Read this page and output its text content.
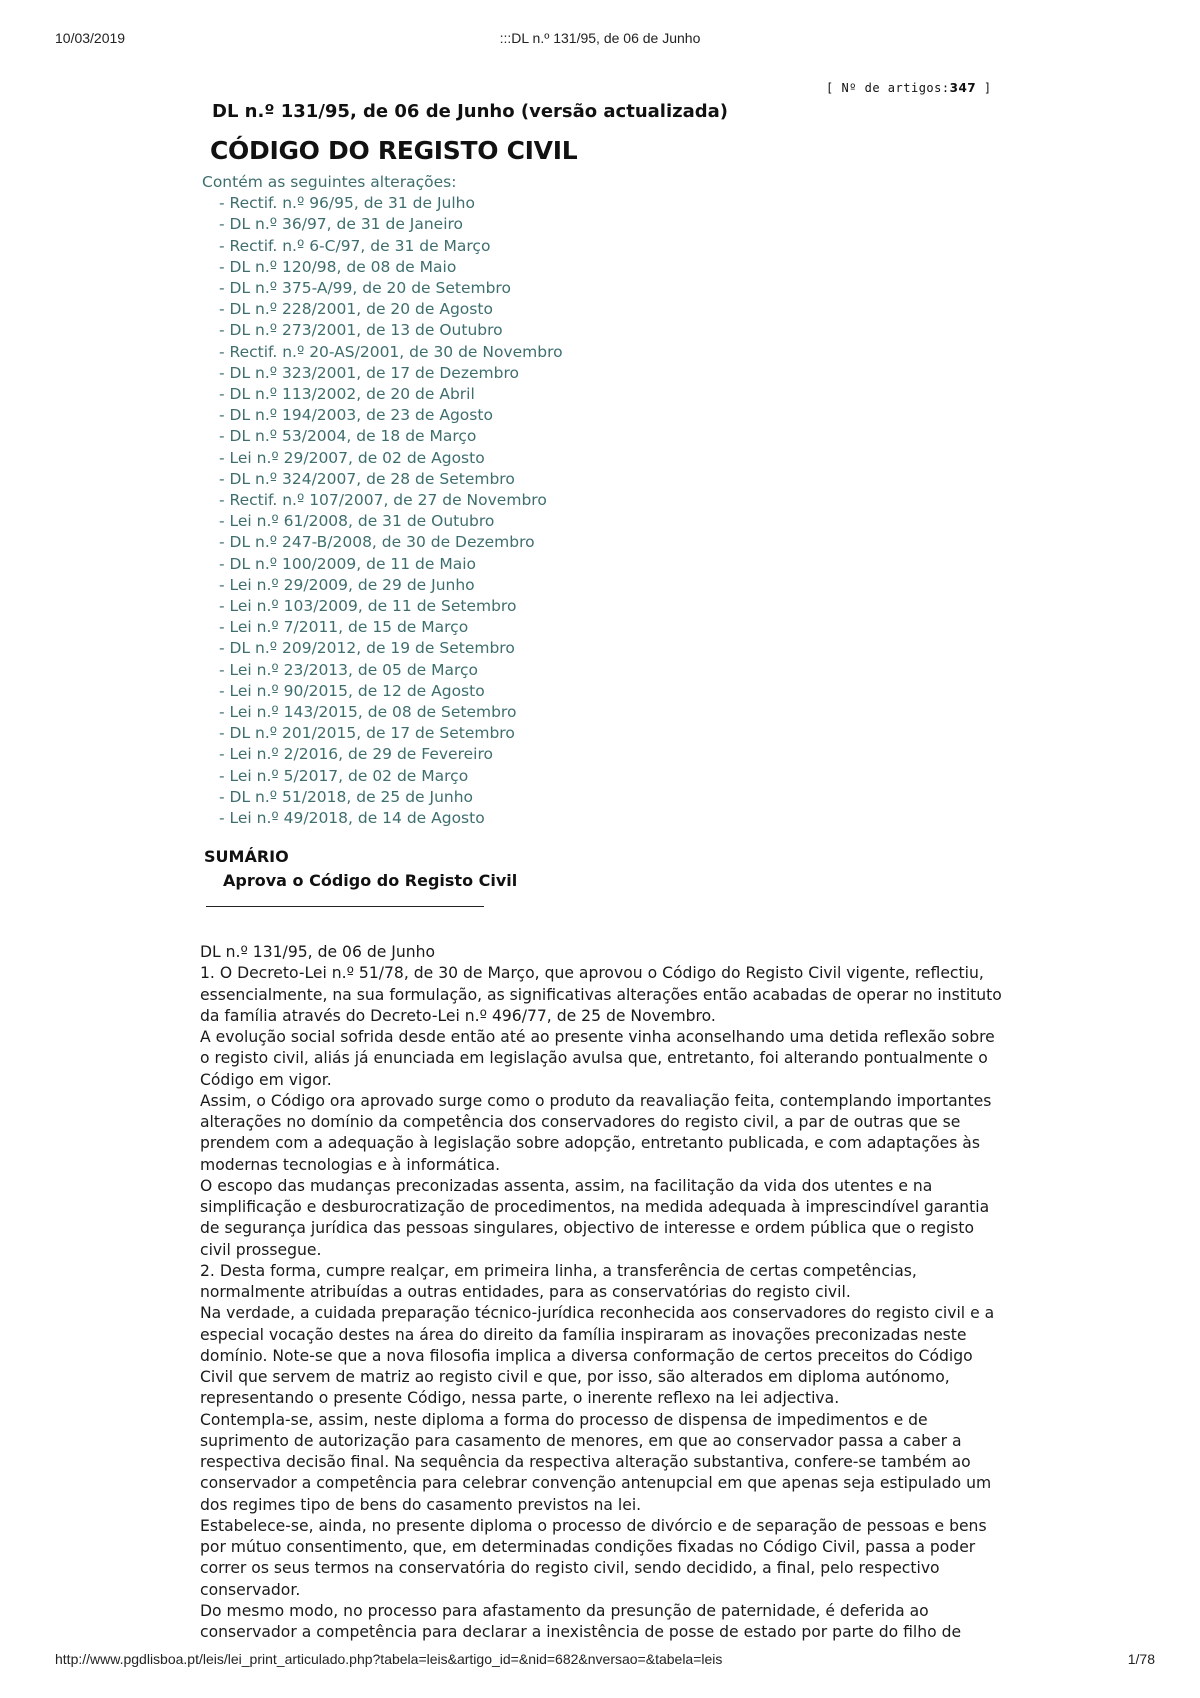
10/03/2019	:::DL n.º 131/95, de 06 de Junho
[ Nº de artigos:347 ]
DL n.º 131/95, de 06 de Junho (versão actualizada)
CÓDIGO DO REGISTO CIVIL
Contém as seguintes alterações:
- Rectif. n.º 96/95, de 31 de Julho
- DL n.º 36/97, de 31 de Janeiro
- Rectif. n.º 6-C/97, de 31 de Março
- DL n.º 120/98, de 08 de Maio
- DL n.º 375-A/99, de 20 de Setembro
- DL n.º 228/2001, de 20 de Agosto
- DL n.º 273/2001, de 13 de Outubro
- Rectif. n.º 20-AS/2001, de 30 de Novembro
- DL n.º 323/2001, de 17 de Dezembro
- DL n.º 113/2002, de 20 de Abril
- DL n.º 194/2003, de 23 de Agosto
- DL n.º 53/2004, de 18 de Março
- Lei n.º 29/2007, de 02 de Agosto
- DL n.º 324/2007, de 28 de Setembro
- Rectif. n.º 107/2007, de 27 de Novembro
- Lei n.º 61/2008, de 31 de Outubro
- DL n.º 247-B/2008, de 30 de Dezembro
- DL n.º 100/2009, de 11 de Maio
- Lei n.º 29/2009, de 29 de Junho
- Lei n.º 103/2009, de 11 de Setembro
- Lei n.º 7/2011, de 15 de Março
- DL n.º 209/2012, de 19 de Setembro
- Lei n.º 23/2013, de 05 de Março
- Lei n.º 90/2015, de 12 de Agosto
- Lei n.º 143/2015, de 08 de Setembro
- DL n.º 201/2015, de 17 de Setembro
- Lei n.º 2/2016, de 29 de Fevereiro
- Lei n.º 5/2017, de 02 de Março
- DL n.º 51/2018, de 25 de Junho
- Lei n.º 49/2018, de 14 de Agosto
SUMÁRIO
Aprova o Código do Registo Civil
DL n.º 131/95, de 06 de Junho
1. O Decreto-Lei n.º 51/78, de 30 de Março, que aprovou o Código do Registo Civil vigente, reflectiu,
essencialmente, na sua formulação, as significativas alterações então acabadas de operar no instituto
da família através do Decreto-Lei n.º 496/77, de 25 de Novembro.
A evolução social sofrida desde então até ao presente vinha aconselhando uma detida reflexão sobre
o registo civil, aliás já enunciada em legislação avulsa que, entretanto, foi alterando pontualmente o
Código em vigor.
Assim, o Código ora aprovado surge como o produto da reavaliação feita, contemplando importantes
alterações no domínio da competência dos conservadores do registo civil, a par de outras que se
prendem com a adequação à legislação sobre adopção, entretanto publicada, e com adaptações às
modernas tecnologias e à informática.
O escopo das mudanças preconizadas assenta, assim, na facilitação da vida dos utentes e na
simplificação e desburocratização de procedimentos, na medida adequada à imprescindível garantia
de segurança jurídica das pessoas singulares, objectivo de interesse e ordem pública que o registo
civil prossegue.
2. Desta forma, cumpre realçar, em primeira linha, a transferência de certas competências,
normalmente atribuídas a outras entidades, para as conservatórias do registo civil.
Na verdade, a cuidada preparação técnico-jurídica reconhecida aos conservadores do registo civil e a
especial vocação destes na área do direito da família inspiraram as inovações preconizadas neste
domínio. Note-se que a nova filosofia implica a diversa conformação de certos preceitos do Código
Civil que servem de matriz ao registo civil e que, por isso, são alterados em diploma autónomo,
representando o presente Código, nessa parte, o inerente reflexo na lei adjectiva.
Contempla-se, assim, neste diploma a forma do processo de dispensa de impedimentos e de
suprimento de autorização para casamento de menores, em que ao conservador passa a caber a
respectiva decisão final. Na sequência da respectiva alteração substantiva, confere-se também ao
conservador a competência para celebrar convenção antenupcial em que apenas seja estipulado um
dos regimes tipo de bens do casamento previstos na lei.
Estabelece-se, ainda, no presente diploma o processo de divórcio e de separação de pessoas e bens
por mútuo consentimento, que, em determinadas condições fixadas no Código Civil, passa a poder
correr os seus termos na conservatória do registo civil, sendo decidido, a final, pelo respectivo
conservador.
Do mesmo modo, no processo para afastamento da presunção de paternidade, é deferida ao
conservador a competência para declarar a inexistência de posse de estado por parte do filho de
http://www.pgdlisboa.pt/leis/lei_print_articulado.php?tabela=leis&artigo_id=&nid=682&nversao=&tabela=leis	1/78
